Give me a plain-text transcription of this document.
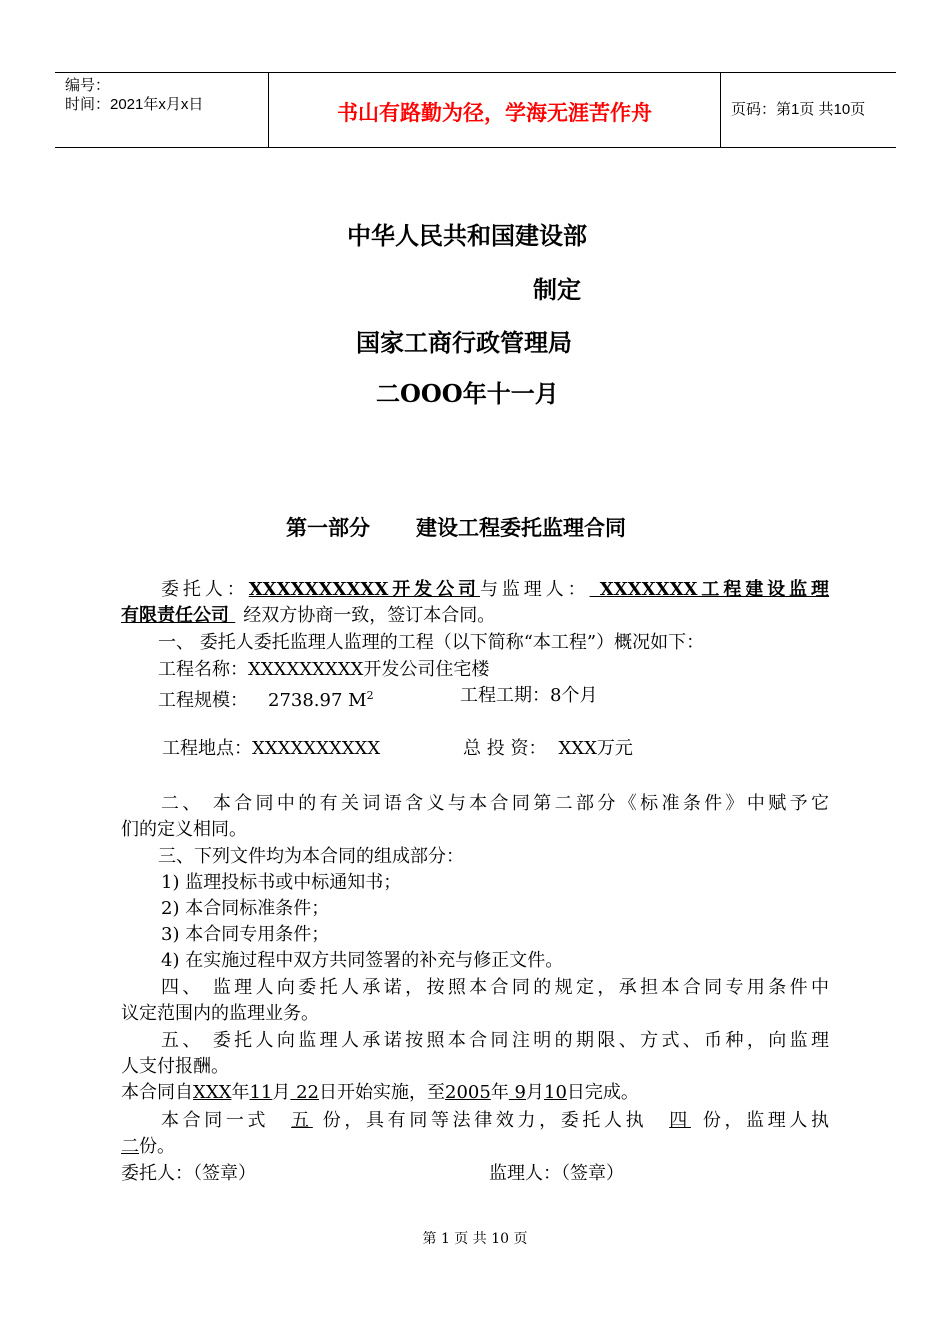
编号：
时间：2021年x月x日	书山有路勤为径，学海无涯苦作舟	页码：第1页 共10页
中华人民共和国建设部
制定
国家工商行政管理局
二OOO年十一月
第一部分 建设工程委托监理合同
委托人：XXXXXXXXXX开发公司与监理人： XXXXXXX工程建设监理
有限责任公司 经双方协商一致，签订本合同。
一、 委托人委托监理人监理的工程（以下简称“本工程”）概况如下：
工程名称：XXXXXXXXX开发公司住宅楼
工程规模： 2738.97 $M^2$	工程工期：8个月
工程地点：XXXXXXXXXX	总 投 资： XXX万元
二、 本合同中的有关词语含义与本合同第二部分《标准条件》中赋予它
们的定义相同。
三、下列文件均为本合同的组成部分：
1) 监理投标书或中标通知书；
2) 本合同标准条件；
3) 本合同专用条件；
4) 在实施过程中双方共同签署的补充与修正文件。
四、 监理人向委托人承诺，按照本合同的规定，承担本合同专用条件中
议定范围内的监理业务。
五、 委托人向监理人承诺按照本合同注明的期限、方式、币种，向监理
人支付报酬。
本合同自XXX年11月 22日开始实施，至2005年 9月10日完成。
本合同一式 五 份，具有同等法律效力，委托人执 四 份，监理人执
二份。
委托人：（签章）	监理人：（签章）
第 1 页 共 10 页
